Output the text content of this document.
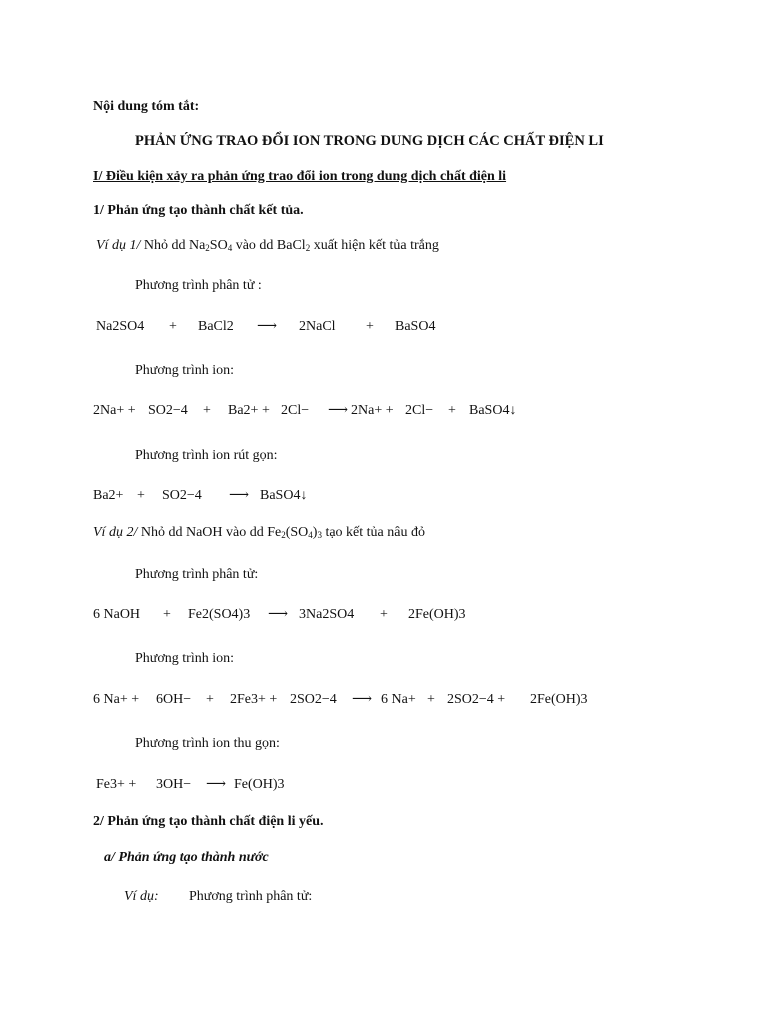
Nội dung tóm tắt:
PHẢN ỨNG TRAO ĐỔI ION TRONG DUNG DỊCH CÁC CHẤT ĐIỆN LI
I/ Điều kiện xảy ra phản ứng trao đổi ion trong dung dịch chất điện li
1/ Phản ứng tạo thành chất kết tủa.
Ví dụ 1/ Nhỏ dd $Na_2SO_4$ vào dd BaCl$_2$ xuất hiện kết tủa trắng
Phương trình phân tử :
Na2SO4 + BaCl2 ⟶ 2NaCl + BaSO4
Phương trình ion:
2Na+ + SO2−4 + Ba2+ + 2Cl− ⟶ 2Na+ + 2Cl− + BaSO4↓
Phương trình ion rút gọn:
Ba2+ + SO2−4 ⟶ BaSO4↓
Ví dụ 2/ Nhỏ dd NaOH vào dd $Fe_2(SO_4)_3$ tạo kết tủa nâu đỏ
Phương trình phân tử:
6 NaOH + Fe2(SO4)3 ⟶ 3Na2SO4 + 2Fe(OH)3
Phương trình ion:
6 Na+ + 6OH− + 2Fe3+ + 2SO2−4 ⟶ 6 Na+ + 2SO2−4 + 2Fe(OH)3
Phương trình ion thu gọn:
Fe3+ + 3OH− ⟶ Fe(OH)3
2/ Phản ứng tạo thành chất điện li yếu.
a/ Phản ứng tạo thành nước
Ví dụ: Phương trình phân tử:
